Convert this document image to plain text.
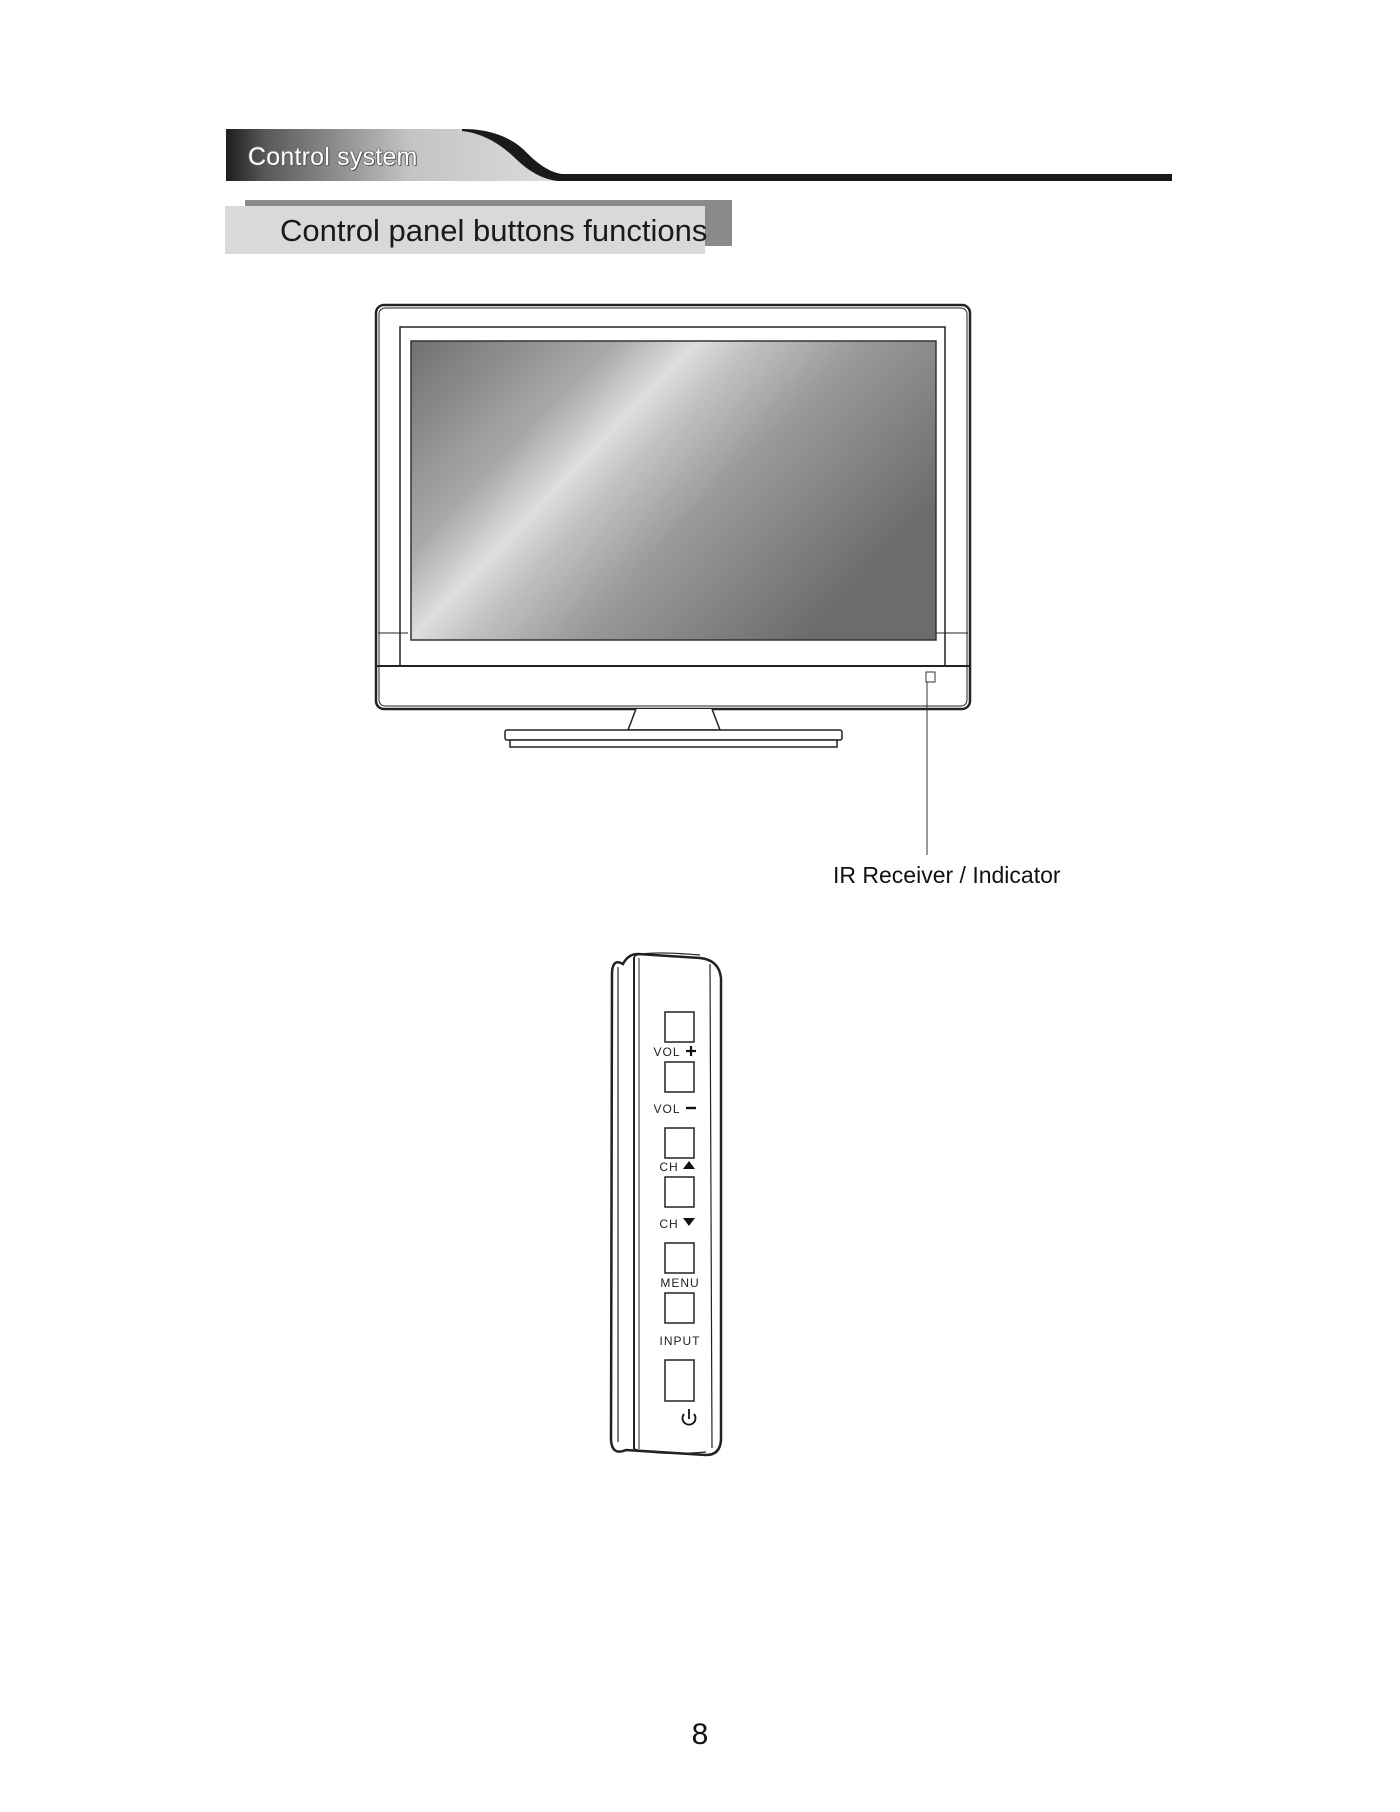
Control system
Control panel buttons functions
IR Receiver / Indicator
VOL
VOL
CH
CH
MENU
INPUT
8
